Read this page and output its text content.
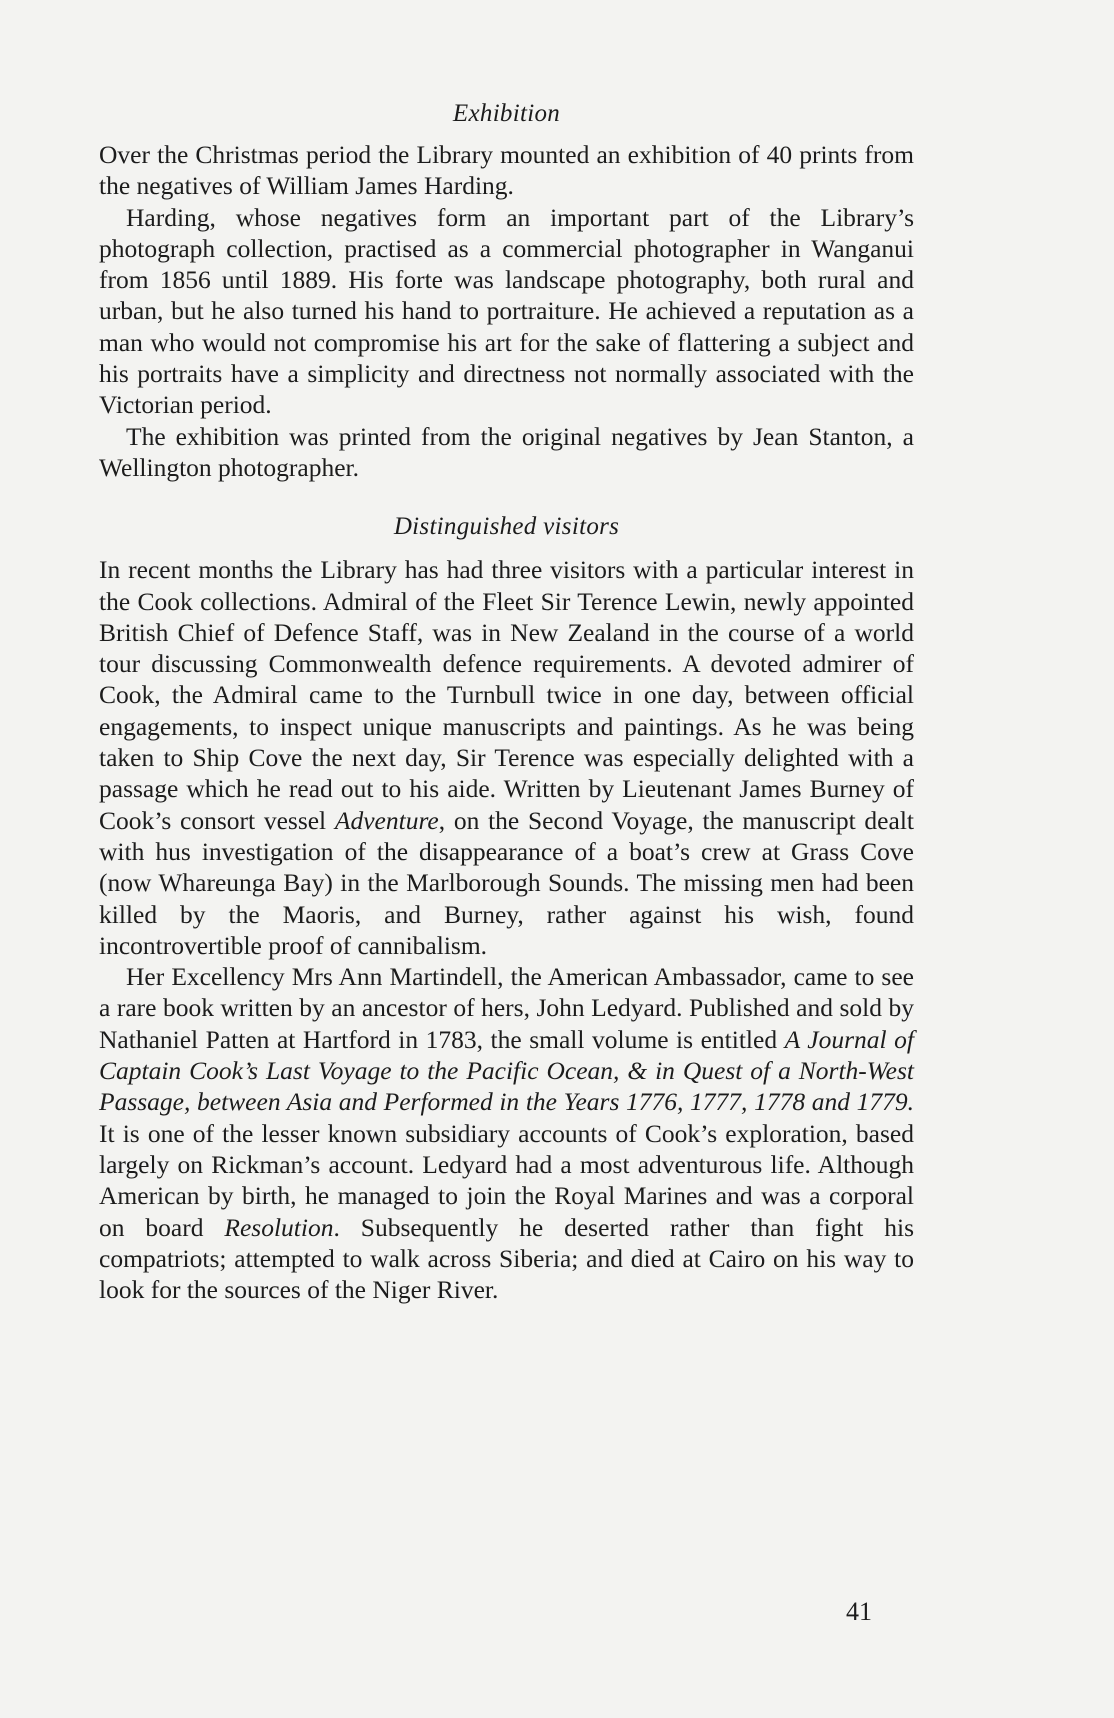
Exhibition

Over the Christmas period the Library mounted an exhibition of 40 prints from the negatives of William James Harding.

Harding, whose negatives form an important part of the Library’s photograph collection, practised as a commercial photographer in Wanganui from 1856 until 1889. His forte was landscape photography, both rural and urban, but he also turned his hand to portraiture. He achieved a reputation as a man who would not compromise his art for the sake of flattering a subject and his portraits have a simplicity and directness not normally associated with the Victorian period.

The exhibition was printed from the original negatives by Jean Stanton, a Wellington photographer.

Distinguished visitors

In recent months the Library has had three visitors with a particular interest in the Cook collections. Admiral of the Fleet Sir Terence Lewin, newly appointed British Chief of Defence Staff, was in New Zealand in the course of a world tour discussing Commonwealth defence requirements. A devoted admirer of Cook, the Admiral came to the Turnbull twice in one day, between official engagements, to inspect unique manuscripts and paintings. As he was being taken to Ship Cove the next day, Sir Terence was especially delighted with a passage which he read out to his aide. Written by Lieutenant James Burney of Cook’s consort vessel Adventure, on the Second Voyage, the manuscript dealt with hus investigation of the disappearance of a boat’s crew at Grass Cove (now Whareunga Bay) in the Marlborough Sounds. The missing men had been killed by the Maoris, and Burney, rather against his wish, found incontrovertible proof of cannibalism.

Her Excellency Mrs Ann Martindell, the American Ambassador, came to see a rare book written by an ancestor of hers, John Ledyard. Published and sold by Nathaniel Patten at Hartford in 1783, the small volume is entitled A Journal of Captain Cook’s Last Voyage to the Pacific Ocean, & in Quest of a North-West Passage, between Asia and Performed in the Years 1776, 1777, 1778 and 1779. It is one of the lesser known subsidiary accounts of Cook’s exploration, based largely on Rickman’s account. Ledyard had a most adventurous life. Although American by birth, he managed to join the Royal Marines and was a corporal on board Resolution. Subsequently he deserted rather than fight his compatriots; attempted to walk across Siberia; and died at Cairo on his way to look for the sources of the Niger River.

41
